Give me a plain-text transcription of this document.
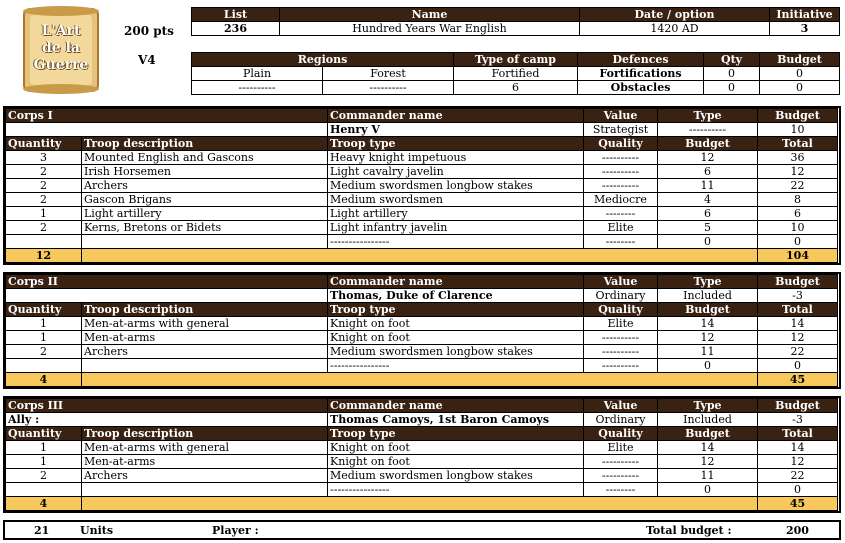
L'Art
de la
Guerre
200 pts
V4
List	Name	Date / option	Initiative
236	Hundred Years War English	1420 AD	3
Regions		Type of camp	Defences	Qty	Budget
Plain	Forest	Fortified	Fortifications	0	0
----------	----------	6	Obstacles	0	0
Corps I		Commander name	Value	Type	Budget
		Henry V	Strategist	----------	10
Quantity	Troop description	Troop type	Quality	Budget	Total
3	Mounted English and Gascons	Heavy knight impetuous	----------	12	36
2	Irish Horsemen	Light cavalry javelin	----------	6	12
2	Archers	Medium swordsmen longbow stakes	----------	11	22
2	Gascon Brigans	Medium swordsmen	Mediocre	4	8
1	Light artillery	Light artillery	--------	6	6
2	Kerns, Bretons or Bidets	Light infantry javelin	Elite	5	10
		----------------	--------	0	0
12					104
Corps II		Commander name	Value	Type	Budget
		Thomas, Duke of Clarence	Ordinary	Included	-3
Quantity	Troop description	Troop type	Quality	Budget	Total
1	Men-at-arms with general	Knight on foot	Elite	14	14
1	Men-at-arms	Knight on foot	----------	12	12
2	Archers	Medium swordsmen longbow stakes	----------	11	22
		----------------	----------	0	0
4					45
Corps III		Commander name	Value	Type	Budget
Ally :		Thomas Camoys, 1st Baron Camoys	Ordinary	Included	-3
Quantity	Troop description	Troop type	Quality	Budget	Total
1	Men-at-arms with general	Knight on foot	Elite	14	14
1	Men-at-arms	Knight on foot	----------	12	12
2	Archers	Medium swordsmen longbow stakes	----------	11	22
		----------------	--------	0	0
4					45
21	Units	Player :	Total budget :	200
